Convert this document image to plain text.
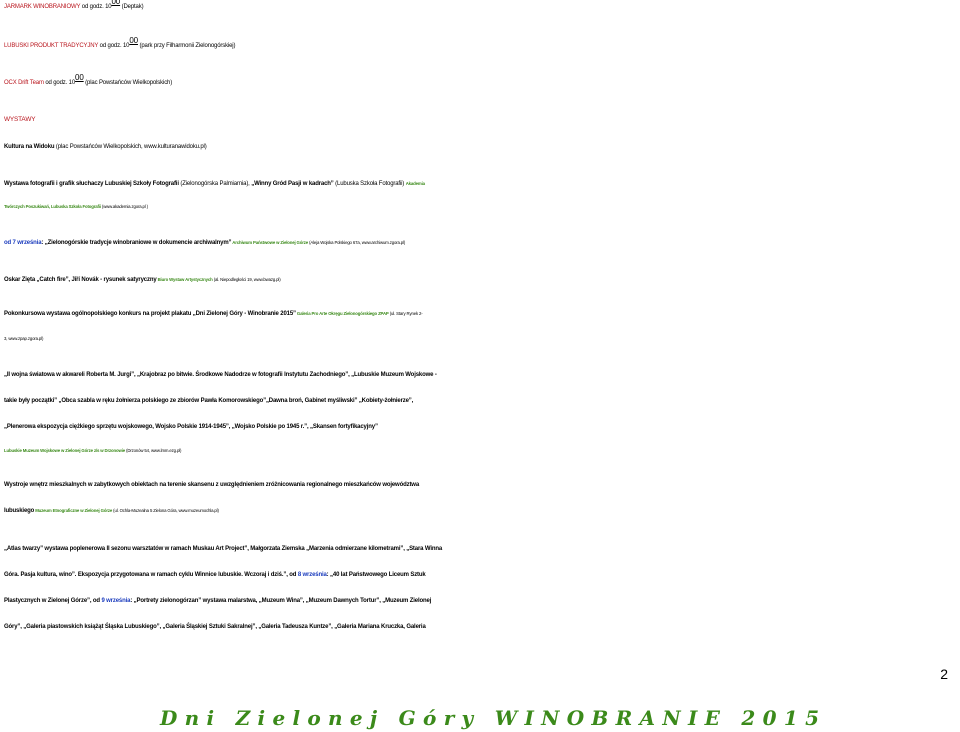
JARMARK WINOBRANIOWY od godz. $10^{00}$ (Deptak)
LUBUSKI PRODUKT TRADYCYJNY od godz. $10^{00}$ (park przy Filharmonii Zielonogórskiej)
OCX Drift Team od godz. $10^{00}$ (plac Powstańców Wielkopolskich)
WYSTAWY
Kultura na Widoku (plac Powstańców Wielkopolskich, www.kulturanawidoku.pl)
Wystawa fotografii i grafik słuchaczy Lubuskiej Szkoły Fotografii (Zielonogórska Palmiarnia), „Winny Gród Pasji w kadrach” (Lubuska Szkoła Fotografii) Akademia
Twórczych Poszukiwań, Lubuska Szkoła Fotografii (www.akademia.zgora.pl )
od 7 września: „Zielonogórskie tradycje winobraniowe w dokumencie archiwalnym” Archiwum Państwowe w Zielonej Górze (Aleja Wojska Polskiego 67a, www.archiwum.zgora.pl)
Oskar Zięta „Catch fire”, Jiří Novák - rysunek satyryczny Biuro Wystaw Artystycznych (al. Niepodległości 19, www.bwazg.pl)
Pokonkursowa wystawa ogólnopolskiego konkurs na projekt plakatu „Dni Zielonej Góry - Winobranie 2015” Galeria Pro Arte Okręgu Zielonogórskiego ZPAP (ul. Stary Rynek 2-
3, www.zpap.zgora.pl)
„II wojna światowa w akwareli Roberta M. Jurgi”, „Krajobraz po bitwie. Środkowe Nadodrze w fotografii Instytutu Zachodniego”, „Lubuskie Muzeum Wojskowe -
takie były początki” „Obca szabla w ręku żołnierza polskiego ze zbiorów Pawła Komorowskiego”„Dawna broń, Gabinet myśliwski” „Kobiety-żołnierze”,
„Plenerowa ekspozycja ciężkiego sprzętu wojskowego, Wojsko Polskie 1914-1945”, „Wojsko Polskie po 1945 r.”, „Skansen fortyfikacyjny”
Lubuskie Muzeum Wojskowe w Zielonej Górze z/s w Drzonowie (Drzonów 54, www.lmm.ezg.pl)
Wystroje wnętrz mieszkalnych w zabytkowych obiektach na terenie skansenu z uwzględnieniem zróżnicowania regionalnego mieszkańców województwa
lubuskiego Muzeum Etnograficzne w Zielonej Górze (ul. Ochla-Muzealna 5 Zielona Góra, www.muzeumochla.pl)
„Atlas twarzy” wystawa poplenerowa II sezonu warsztatów w ramach Muskau Art Project”, Małgorzata Ziemska „Marzenia odmierzane kilometrami”, „Stara Winna
Góra. Pasja kultura, wino”. Ekspozycja przygotowana w ramach cyklu Winnice lubuskie. Wczoraj i dziś.”, od 8 września: „40 lat Państwowego Liceum Sztuk
Plastycznych w Zielonej Górze”, od 9 września: „Portrety zielonogórzan” wystawa malarstwa, „Muzeum Wina”, „Muzeum Dawnych Tortur”, „Muzeum Zielonej
Góry”, „Galeria piastowskich książąt Śląska Lubuskiego”, „Galeria Śląskiej Sztuki Sakralnej”, „Galeria Tadeusza Kuntze”, „Galeria Mariana Kruczka, Galeria
2
Dni Zielonej Góry WINOBRANIE 2015
